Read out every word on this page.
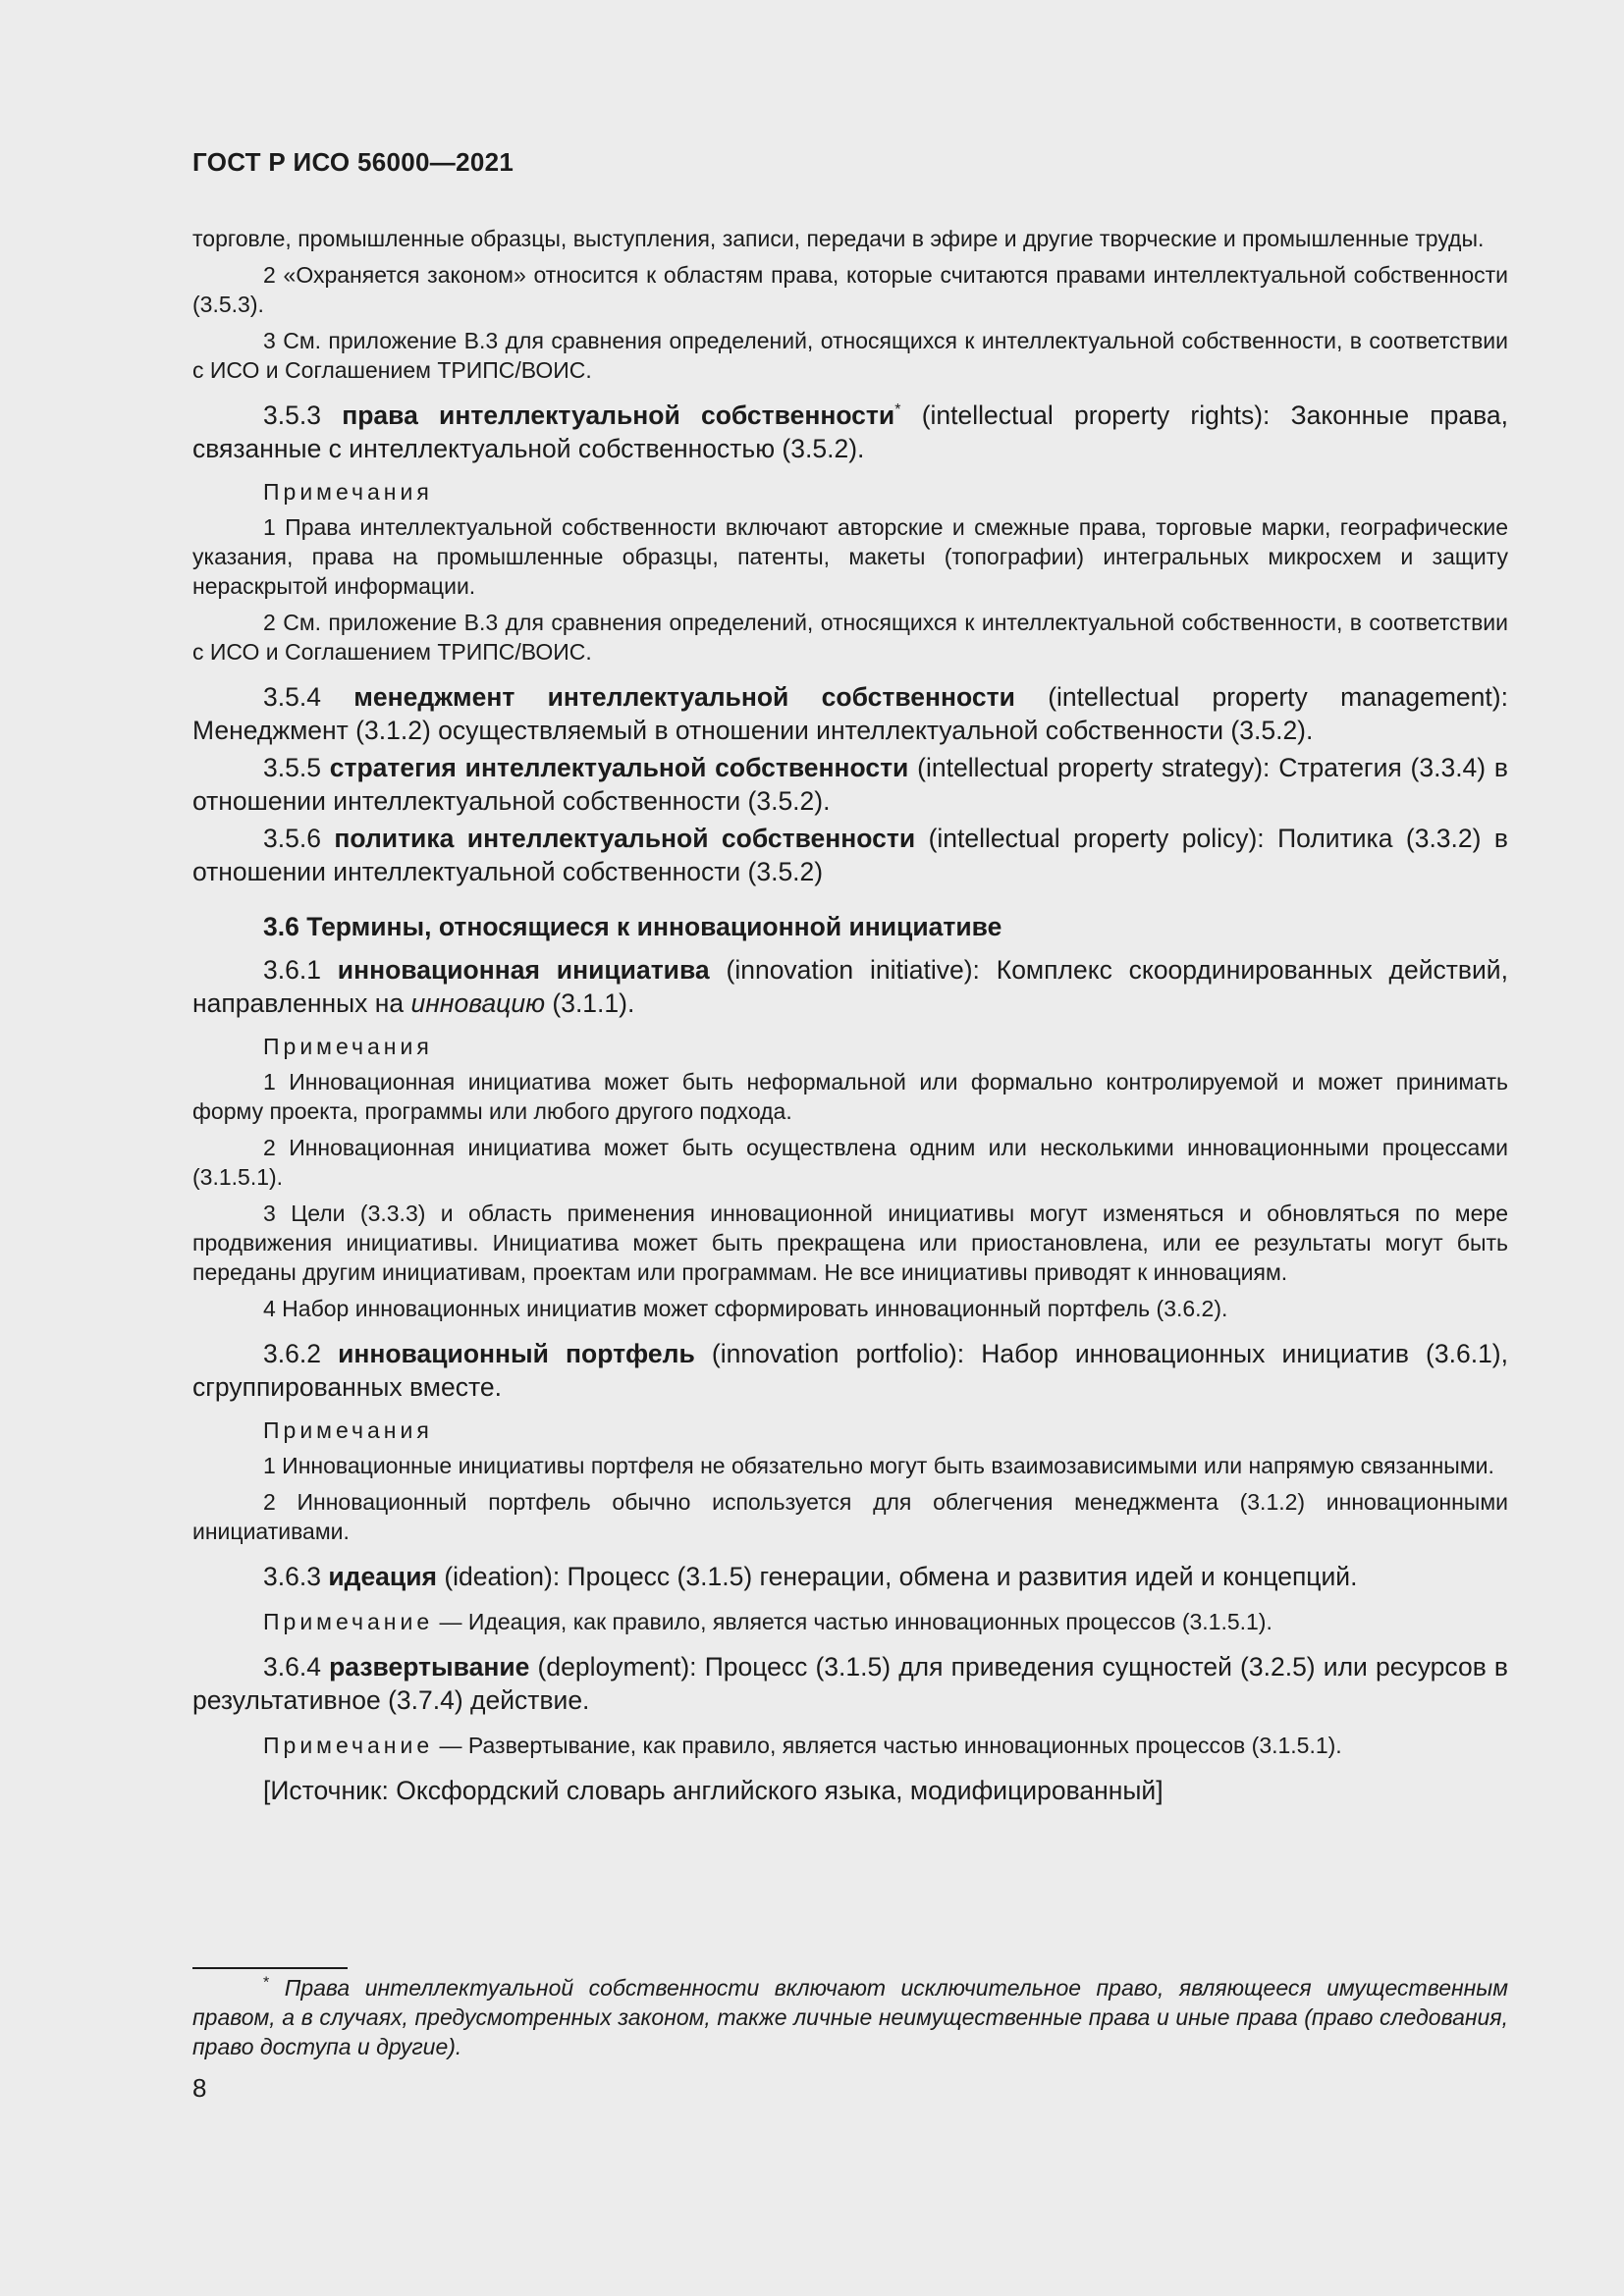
ГОСТ Р ИСО 56000—2021

торговле, промышленные образцы, выступления, записи, передачи в эфире и другие творческие и промышленные труды.

2 «Охраняется законом» относится к областям права, которые считаются правами интеллектуальной собственности (3.5.3).

3 См. приложение В.3 для сравнения определений, относящихся к интеллектуальной собственности, в соответствии с ИСО и Соглашением ТРИПС/ВОИС.

3.5.3 права интеллектуальной собственности* (intellectual property rights): Законные права, связанные с интеллектуальной собственностью (3.5.2).

Примечания

1 Права интеллектуальной собственности включают авторские и смежные права, торговые марки, географические указания, права на промышленные образцы, патенты, макеты (топографии) интегральных микросхем и защиту нераскрытой информации.

2 См. приложение В.3 для сравнения определений, относящихся к интеллектуальной собственности, в соответствии с ИСО и Соглашением ТРИПС/ВОИС.

3.5.4 менеджмент интеллектуальной собственности (intellectual property management): Менеджмент (3.1.2) осуществляемый в отношении интеллектуальной собственности (3.5.2).

3.5.5 стратегия интеллектуальной собственности (intellectual property strategy): Стратегия (3.3.4) в отношении интеллектуальной собственности (3.5.2).

3.5.6 политика интеллектуальной собственности (intellectual property policy): Политика (3.3.2) в отношении интеллектуальной собственности (3.5.2)

3.6 Термины, относящиеся к инновационной инициативе

3.6.1 инновационная инициатива (innovation initiative): Комплекс скоординированных действий, направленных на инновацию (3.1.1).

Примечания

1 Инновационная инициатива может быть неформальной или формально контролируемой и может принимать форму проекта, программы или любого другого подхода.

2 Инновационная инициатива может быть осуществлена одним или несколькими инновационными процессами (3.1.5.1).

3 Цели (3.3.3) и область применения инновационной инициативы могут изменяться и обновляться по мере продвижения инициативы. Инициатива может быть прекращена или приостановлена, или ее результаты могут быть переданы другим инициативам, проектам или программам. Не все инициативы приводят к инновациям.

4 Набор инновационных инициатив может сформировать инновационный портфель (3.6.2).

3.6.2 инновационный портфель (innovation portfolio): Набор инновационных инициатив (3.6.1), сгруппированных вместе.

Примечания

1 Инновационные инициативы портфеля не обязательно могут быть взаимозависимыми или напрямую связанными.

2 Инновационный портфель обычно используется для облегчения менеджмента (3.1.2) инновационными инициативами.

3.6.3 идеация (ideation): Процесс (3.1.5) генерации, обмена и развития идей и концепций.

Примечание — Идеация, как правило, является частью инновационных процессов (3.1.5.1).

3.6.4 развертывание (deployment): Процесс (3.1.5) для приведения сущностей (3.2.5) или ресурсов в результативное (3.7.4) действие.

Примечание — Развертывание, как правило, является частью инновационных процессов (3.1.5.1).

[Источник: Оксфордский словарь английского языка, модифицированный]

* Права интеллектуальной собственности включают исключительное право, являющееся имущественным правом, а в случаях, предусмотренных законом, также личные неимущественные права и иные права (право следования, право доступа и другие).
8
